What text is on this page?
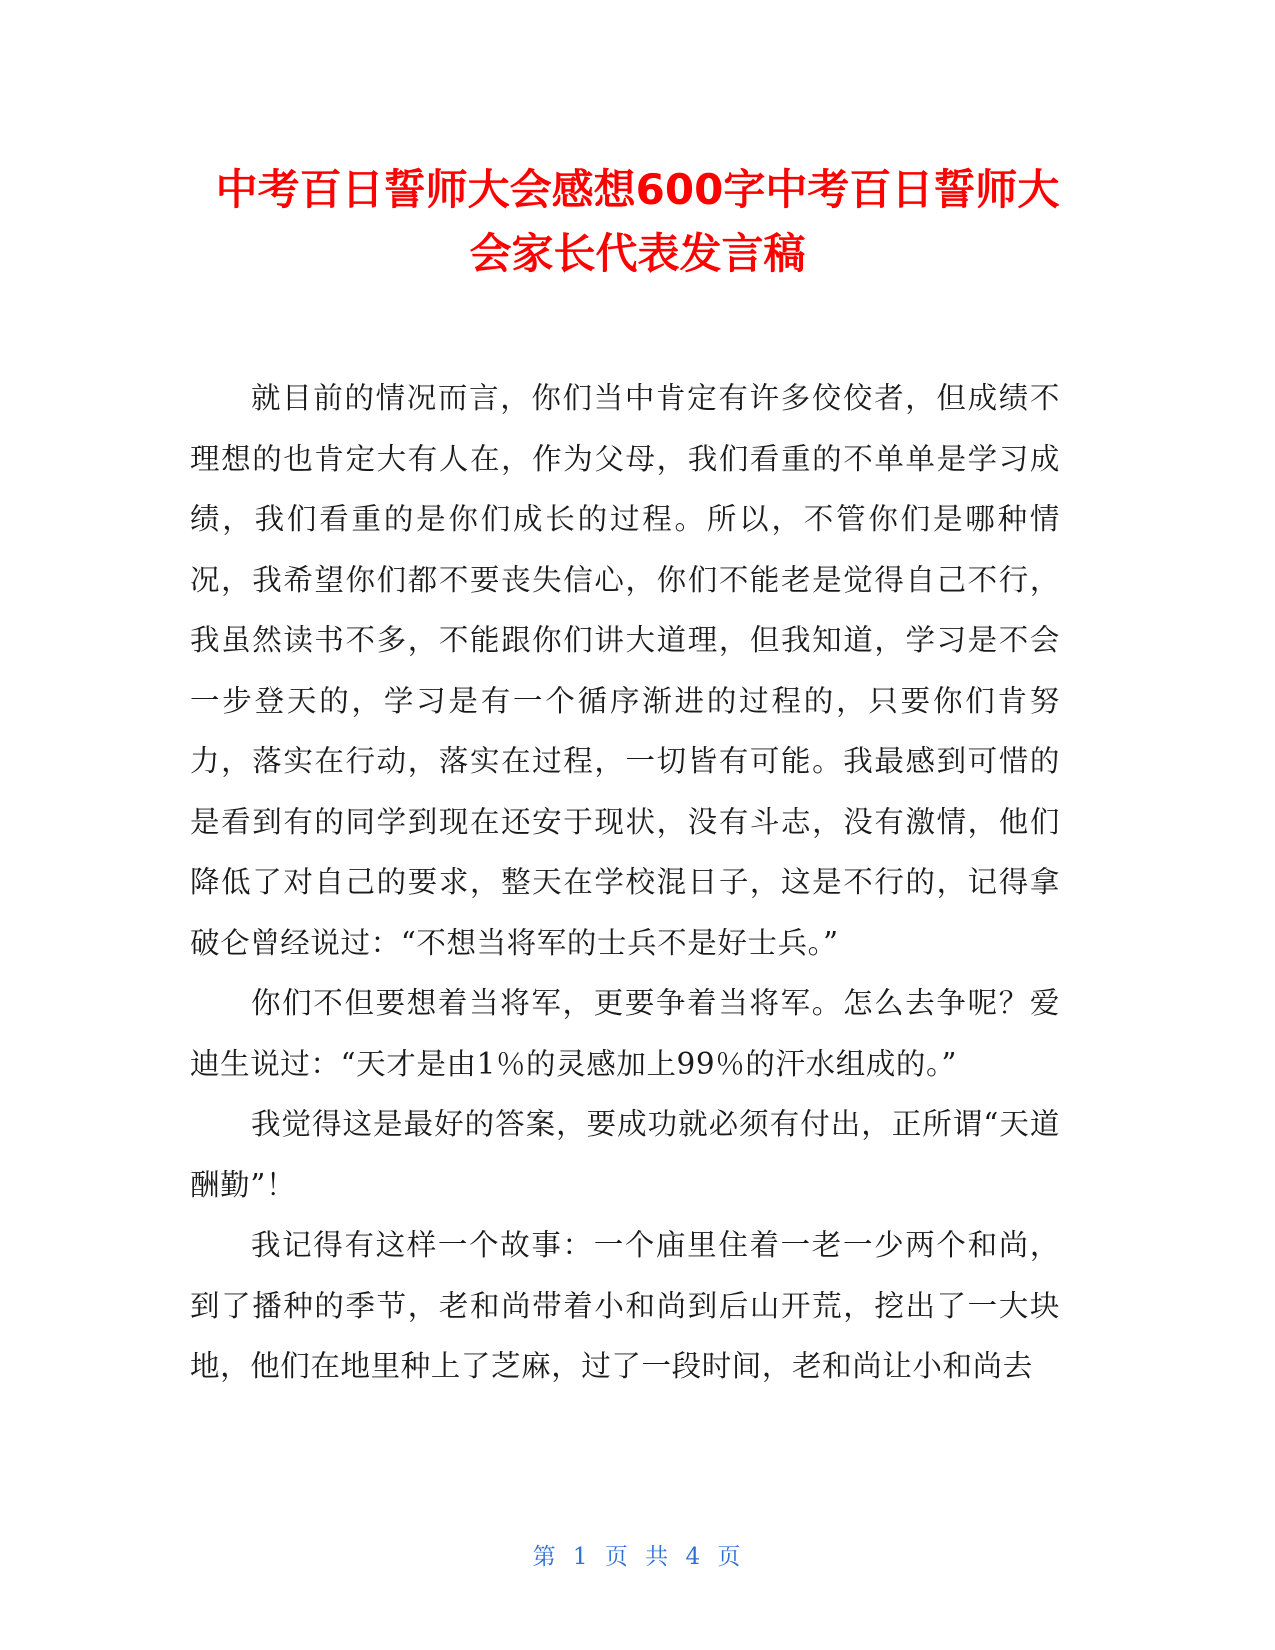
中考百日誓师大会感想600字中考百日誓师大
会家长代表发言稿

就目前的情况而言，你们当中肯定有许多佼佼者，但成绩不理想的也肯定大有人在，作为父母，我们看重的不单单是学习成绩，我们看重的是你们成长的过程。所以，不管你们是哪种情况，我希望你们都不要丧失信心，你们不能老是觉得自己不行，我虽然读书不多，不能跟你们讲大道理，但我知道，学习是不会一步登天的，学习是有一个循序渐进的过程的，只要你们肯努力，落实在行动，落实在过程，一切皆有可能。我最感到可惜的是看到有的同学到现在还安于现状，没有斗志，没有激情，他们降低了对自己的要求，整天在学校混日子，这是不行的，记得拿破仑曾经说过：“不想当将军的士兵不是好士兵。”

你们不但要想着当将军，更要争着当将军。怎么去争呢？爱迪生说过：“天才是由1％的灵感加上99％的汗水组成的。”

我觉得这是最好的答案，要成功就必须有付出，正所谓“天道酬勤”！

我记得有这样一个故事：一个庙里住着一老一少两个和尚，到了播种的季节，老和尚带着小和尚到后山开荒，挖出了一大块地，他们在地里种上了芝麻，过了一段时间，老和尚让小和尚去

第 1 页 共 4 页
